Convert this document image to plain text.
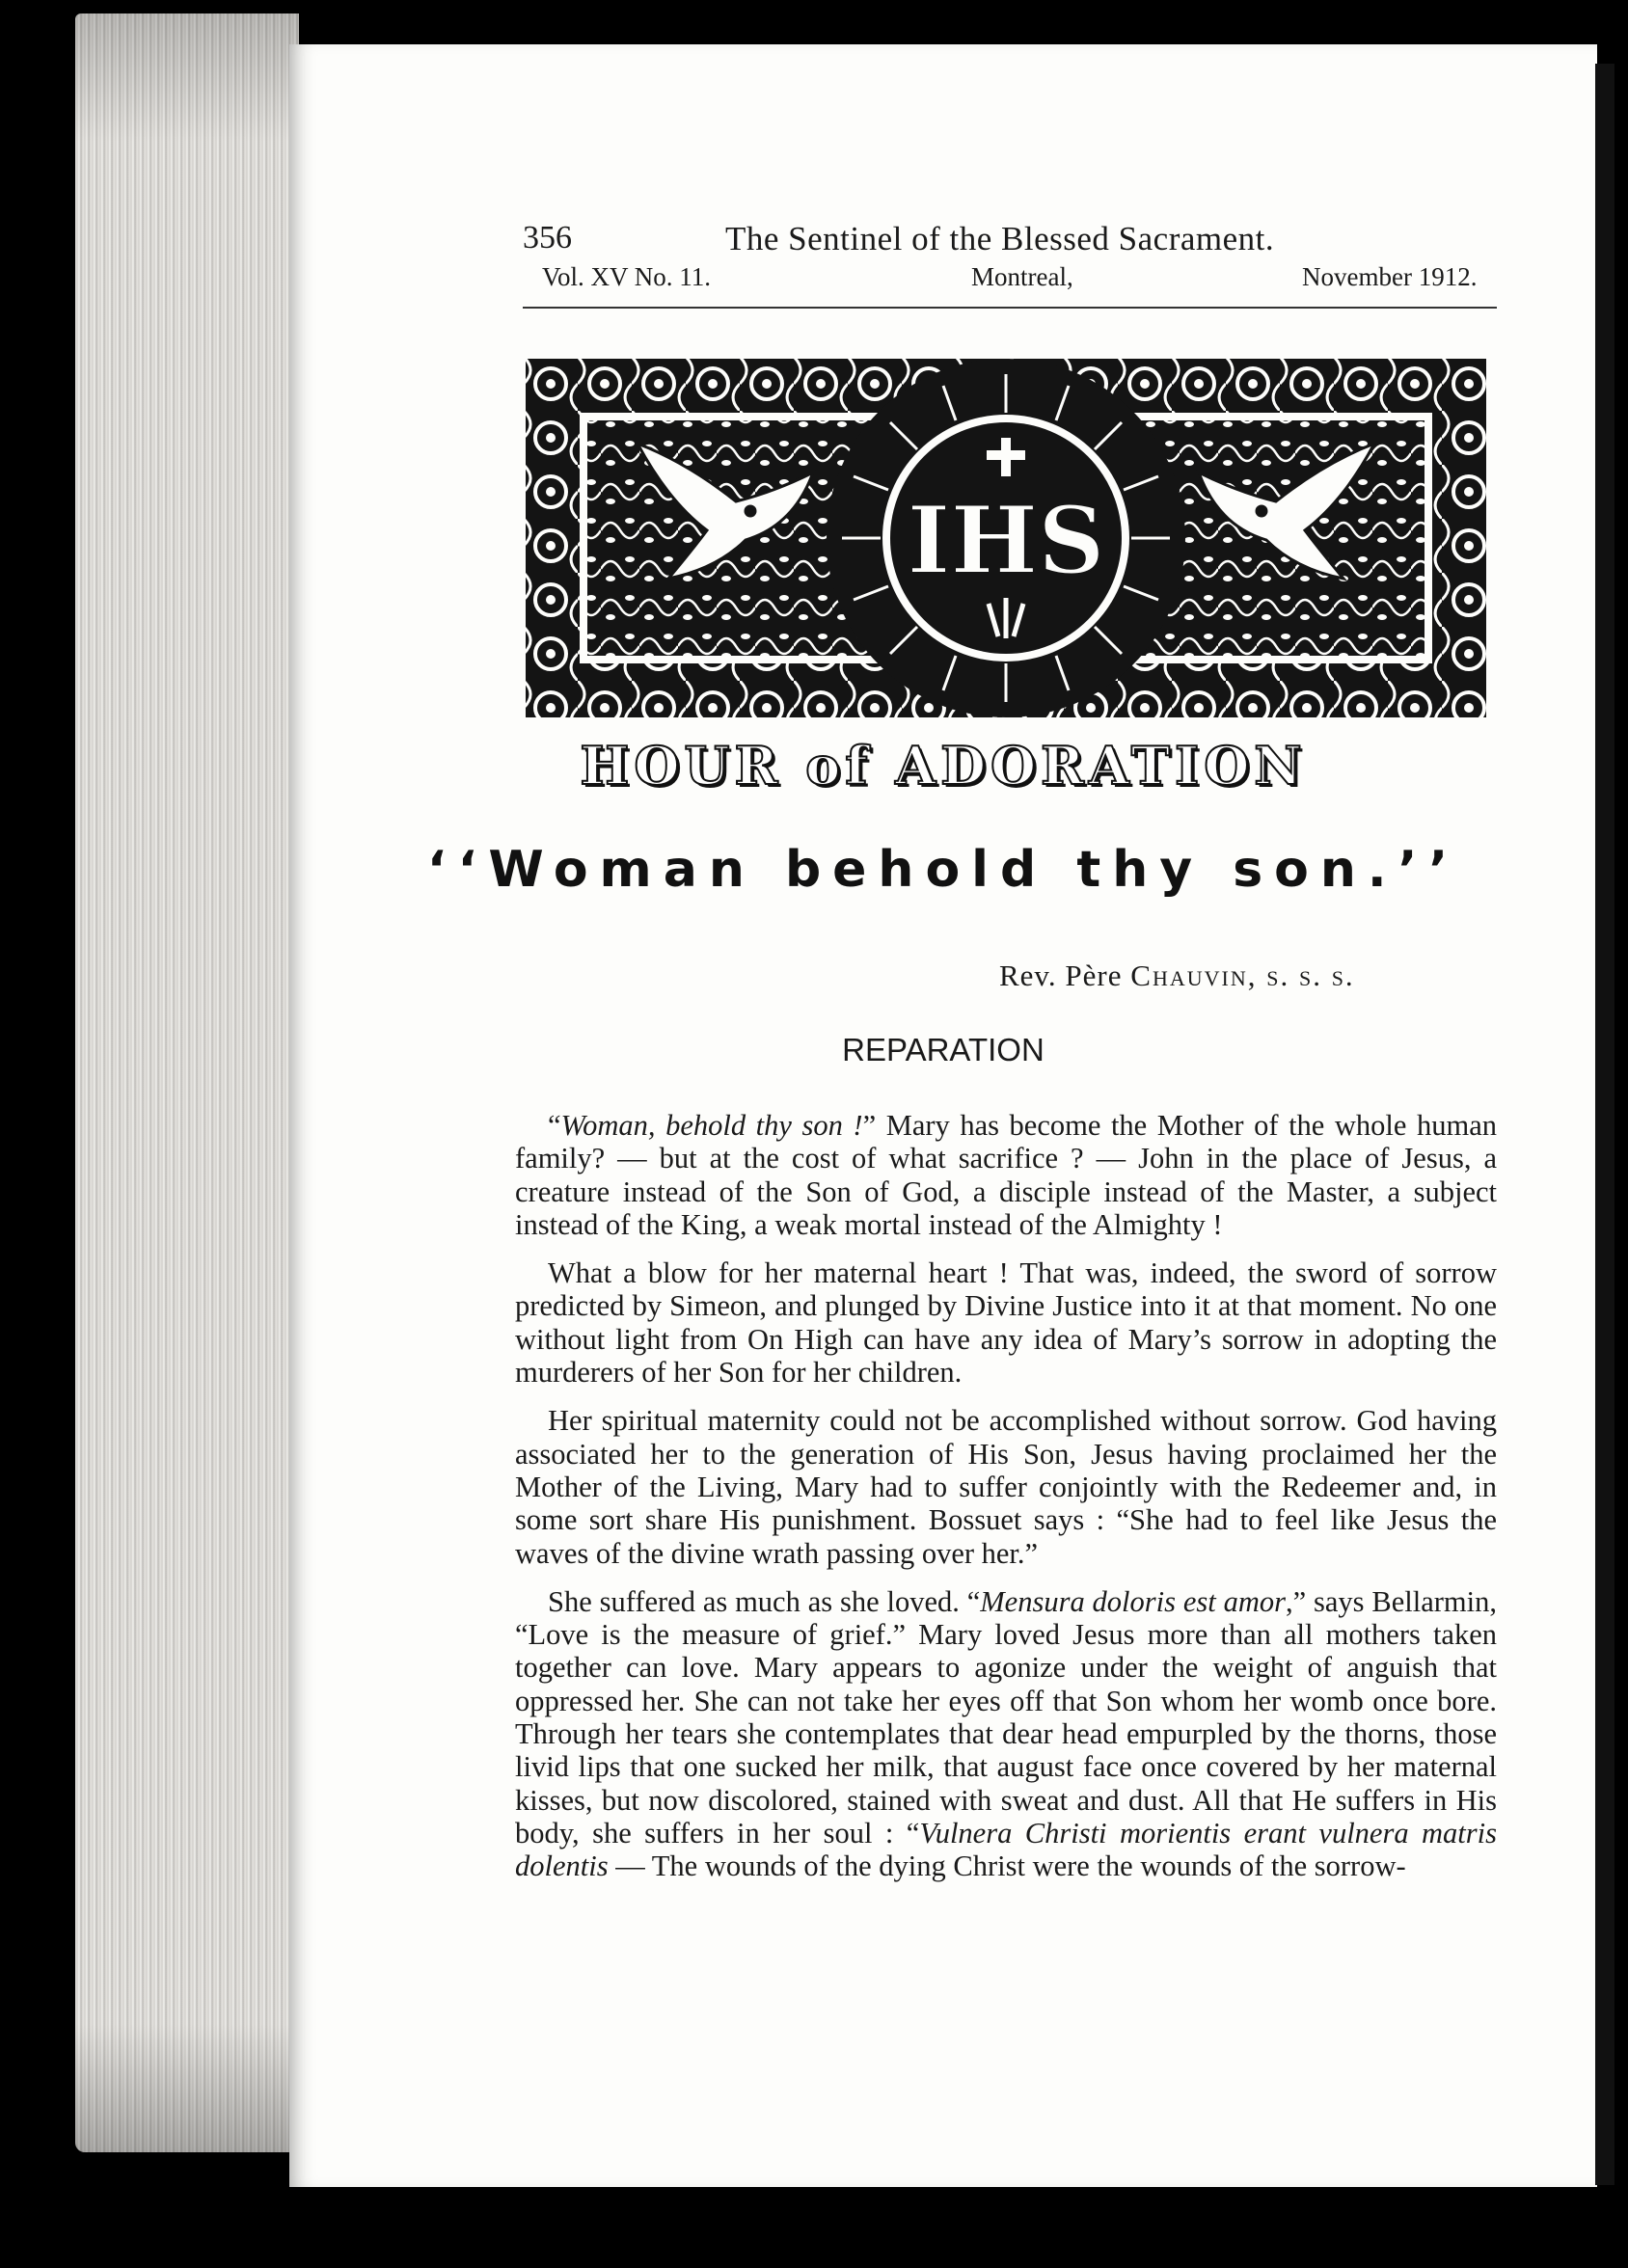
356	The Sentinel of the Blessed Sacrament.
Vol. XV No. 11.	Montreal,	November 1912.
IHS
HOUR of ADORATION
‘‘Woman behold thy son.’’
Rev. Père Chauvin, s. s. s.
REPARATION

“Woman, behold thy son !” Mary has become the Mother of the whole human family? — but at the cost of what sacrifice ? — John in the place of Jesus, a creature instead of the Son of God, a disciple instead of the Master, a subject instead of the King, a weak mortal instead of the Almighty !

What a blow for her maternal heart ! That was, indeed, the sword of sorrow predicted by Simeon, and plunged by Divine Justice into it at that moment. No one without light from On High can have any idea of Mary’s sorrow in adopting the murderers of her Son for her children.

Her spiritual maternity could not be accomplished without sorrow. God having associated her to the generation of His Son, Jesus having proclaimed her the Mother of the Living, Mary had to suffer conjointly with the Redeemer and, in some sort share His punishment. Bossuet says : “She had to feel like Jesus the waves of the divine wrath passing over her.”

She suffered as much as she loved. “Mensura doloris est amor,” says Bellarmin, “Love is the measure of grief.” Mary loved Jesus more than all mothers taken together can love. Mary appears to agonize under the weight of anguish that oppressed her. She can not take her eyes off that Son whom her womb once bore. Through her tears she contemplates that dear head empurpled by the thorns, those livid lips that one sucked her milk, that august face once covered by her maternal kisses, but now discolored, stained with sweat and dust. All that He suffers in His body, she suffers in her soul : “Vulnera Christi morientis erant vulnera matris dolentis — The wounds of the dying Christ were the wounds of the sorrow-
